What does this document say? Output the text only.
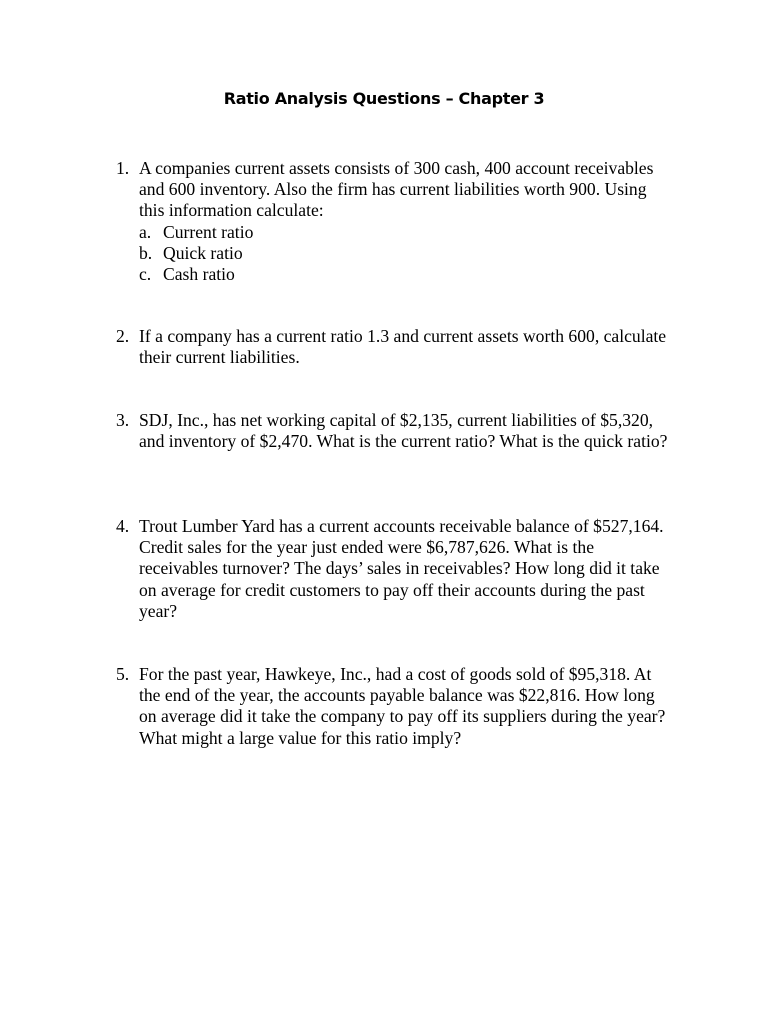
Ratio Analysis Questions – Chapter 3
1. A companies current assets consists of 300 cash, 400 account receivables and 600 inventory. Also the firm has current liabilities worth 900. Using this information calculate:
a. Current ratio
b. Quick ratio
c. Cash ratio
2. If a company has a current ratio 1.3 and current assets worth 600, calculate their current liabilities.
3. SDJ, Inc., has net working capital of $2,135, current liabilities of $5,320, and inventory of $2,470. What is the current ratio? What is the quick ratio?
4. Trout Lumber Yard has a current accounts receivable balance of $527,164. Credit sales for the year just ended were $6,787,626. What is the receivables turnover? The days’ sales in receivables? How long did it take on average for credit customers to pay off their accounts during the past year?
5. For the past year, Hawkeye, Inc., had a cost of goods sold of $95,318. At the end of the year, the accounts payable balance was $22,816. How long on average did it take the company to pay off its suppliers during the year? What might a large value for this ratio imply?
